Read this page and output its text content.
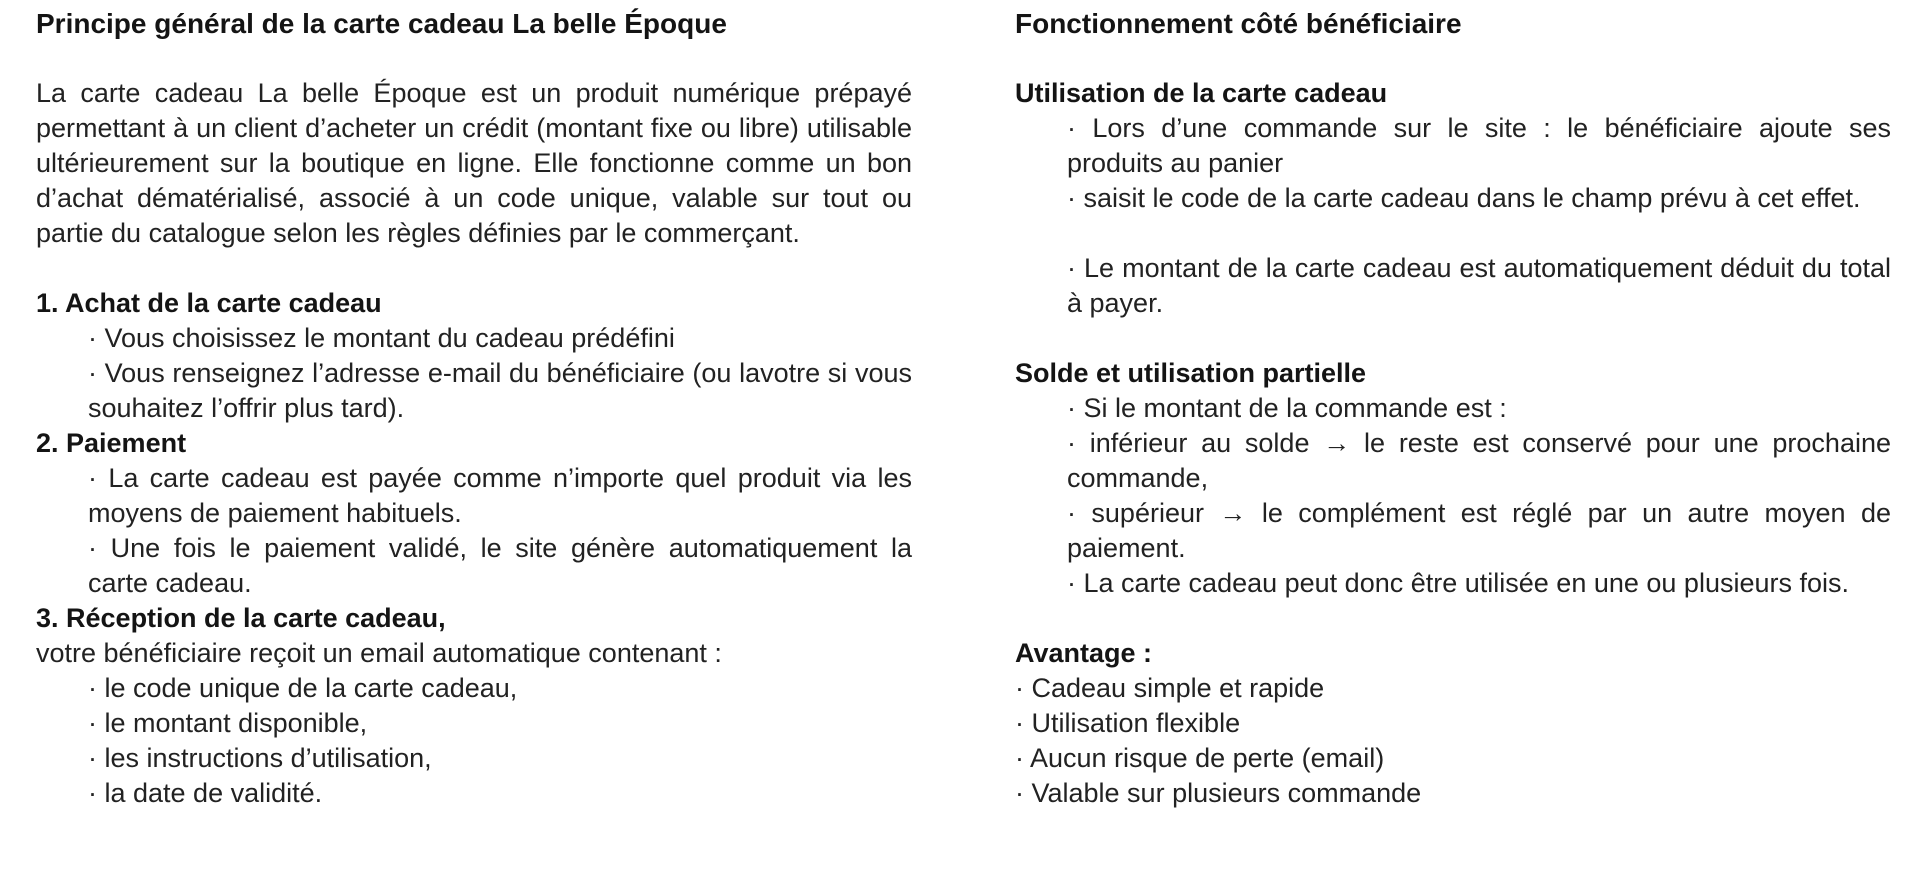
Principe général de la carte cadeau La belle Époque

La carte cadeau La belle Époque est un produit numérique prépayé permettant à un client d’acheter un crédit (montant fixe ou libre) utilisable ultérieurement sur la boutique en ligne. Elle fonctionne comme un bon d’achat dématérialisé, associé à un code unique, valable sur tout ou partie du catalogue selon les règles définies par le commerçant.

1. Achat de la carte cadeau

· Vous choisissez le montant du cadeau prédéfini

· Vous renseignez l’adresse e-mail du bénéficiaire (ou lavotre si vous souhaitez l’offrir plus tard).

2. Paiement

· La carte cadeau est payée comme n’importe quel produit via les moyens de paiement habituels.

· Une fois le paiement validé, le site génère automatiquement la carte cadeau.

3. Réception de la carte cadeau,

votre bénéficiaire reçoit un email automatique contenant :

· le code unique de la carte cadeau,

· le montant disponible,

· les instructions d’utilisation,

· la date de validité.

Fonctionnement côté bénéficiaire

Utilisation de la carte cadeau

· Lors d’une commande sur le site : le bénéficiaire ajoute ses produits au panier

· saisit le code de la carte cadeau dans le champ prévu à cet effet.

· Le montant de la carte cadeau est automatiquement déduit du total à payer.

Solde et utilisation partielle

· Si le montant de la commande est :

· inférieur au solde → le reste est conservé pour une prochaine commande,

· supérieur → le complément est réglé par un autre moyen de paiement.

· La carte cadeau peut donc être utilisée en une ou plusieurs fois.

Avantage :

· Cadeau simple et rapide

· Utilisation flexible

· Aucun risque de perte (email)

· Valable sur plusieurs commande
